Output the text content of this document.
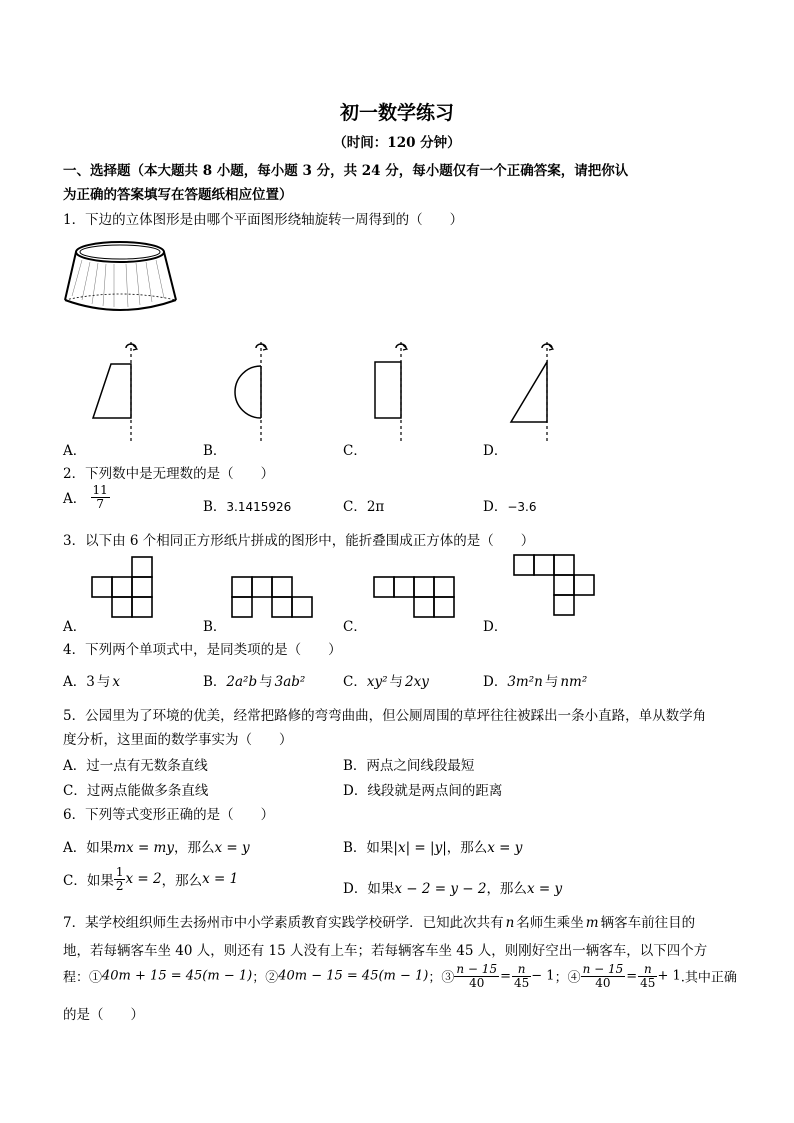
初一数学练习
（时间：120 分钟）
一、选择题（本大题共 8 小题，每小题 3 分，共 24 分，每小题仅有一个正确答案，请把你认
为正确的答案填写在答题纸相应位置）
1．下边的立体图形是由哪个平面图形绕轴旋转一周得到的（　　）
A．	B．	C．	D．
2．下列数中是无理数的是（　　）
A． $\frac{11}{7}$	B．3.1415926	C．2π	D．−3.6
3．以下由 6 个相同正方形纸片拼成的图形中，能折叠围成正方体的是（　　）
A．	B．	C．	D．
4．下列两个单项式中，是同类项的是（　　）
A．3 与 x	B．2a²b 与 3ab²	C．xy² 与 2xy	D．3m²n 与 nm²
5．公园里为了环境的优美，经常把路修的弯弯曲曲，但公厕周围的草坪往往被踩出一条小直路，单从数学角
度分析，这里面的数学事实为（　　）
A．过一点有无数条直线	B．两点之间线段最短
C．过两点能做多条直线	D．线段就是两点间的距离
6．下列等式变形正确的是（　　）
A．如果mx = my，那么x = y	B．如果|x| = |y|，那么x = y
C．如果 $\frac{1}{2}$ x = 2，那么x = 1
D．如果x − 2 = y − 2，那么x = y
7．某学校组织师生去扬州市中小学素质教育实践学校研学．已知此次共有 n 名师生乘坐 m 辆客车前往目的
地，若每辆客车坐 40 人，则还有 15 人没有上车；若每辆客车坐 45 人，则刚好空出一辆客车，以下四个方
程：①40m + 15 = 45(m − 1)；②40m − 15 = 45(m − 1)；③ $\frac{n - 15}{40} = \frac{n}{45} - 1$；④ $\frac{n - 15}{40} = \frac{n}{45} + 1$.其中正确
的是（　　）
